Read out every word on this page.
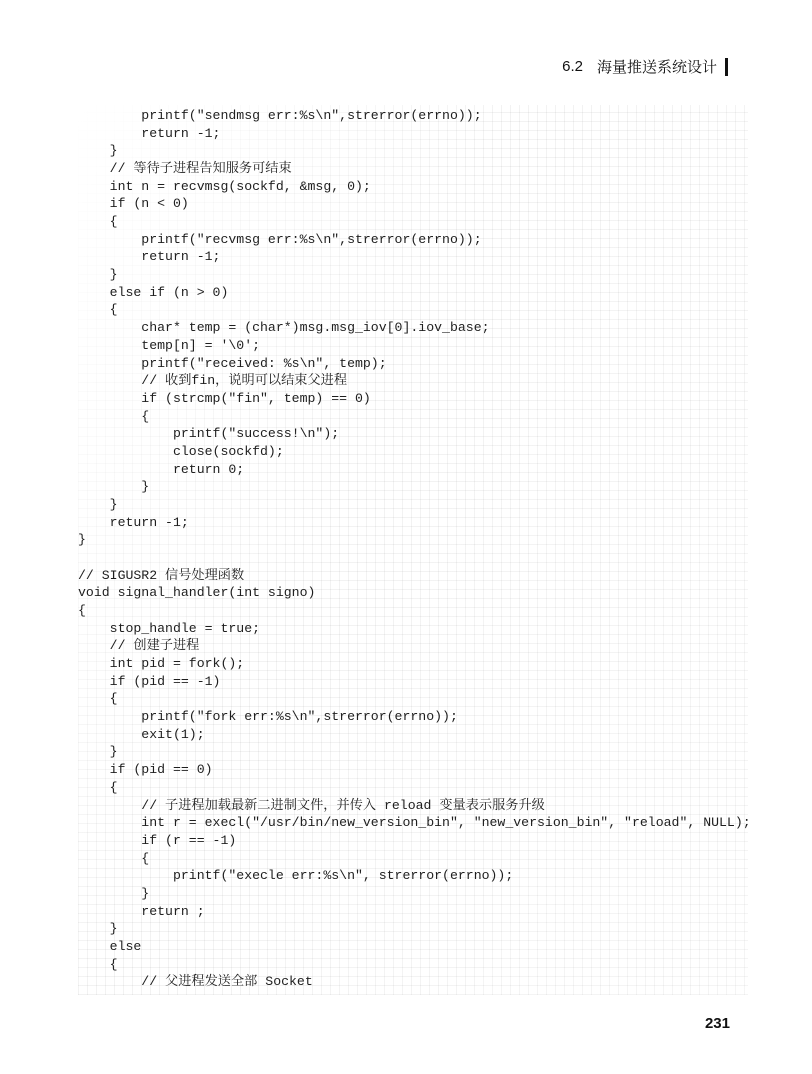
6.2 海量推送系统设计
printf("sendmsg err:%s\n",strerror(errno));
return -1;
}
// 等待子进程告知服务可结束
int n = recvmsg(sockfd, &msg, 0);
if (n < 0)
{
printf("recvmsg err:%s\n",strerror(errno));
return -1;
}
else if (n > 0)
{
char* temp = (char*)msg.msg_iov[0].iov_base;
temp[n] = '\0';
printf("received: %s\n", temp);
// 收到fin，说明可以结束父进程
if (strcmp("fin", temp) == 0)
{
printf("success!\n");
close(sockfd);
return 0;
}
}
return -1;
}
// SIGUSR2 信号处理函数
void signal_handler(int signo)
{
stop_handle = true;
// 创建子进程
int pid = fork();
if (pid == -1)
{
printf("fork err:%s\n",strerror(errno));
exit(1);
}
if (pid == 0)
{
// 子进程加载最新二进制文件，并传入 reload 变量表示服务升级
int r = execl("/usr/bin/new_version_bin", "new_version_bin", "reload", NULL);
if (r == -1)
{
printf("execle err:%s\n", strerror(errno));
}
return ;
}
else
{
// 父进程发送全部 Socket
231
